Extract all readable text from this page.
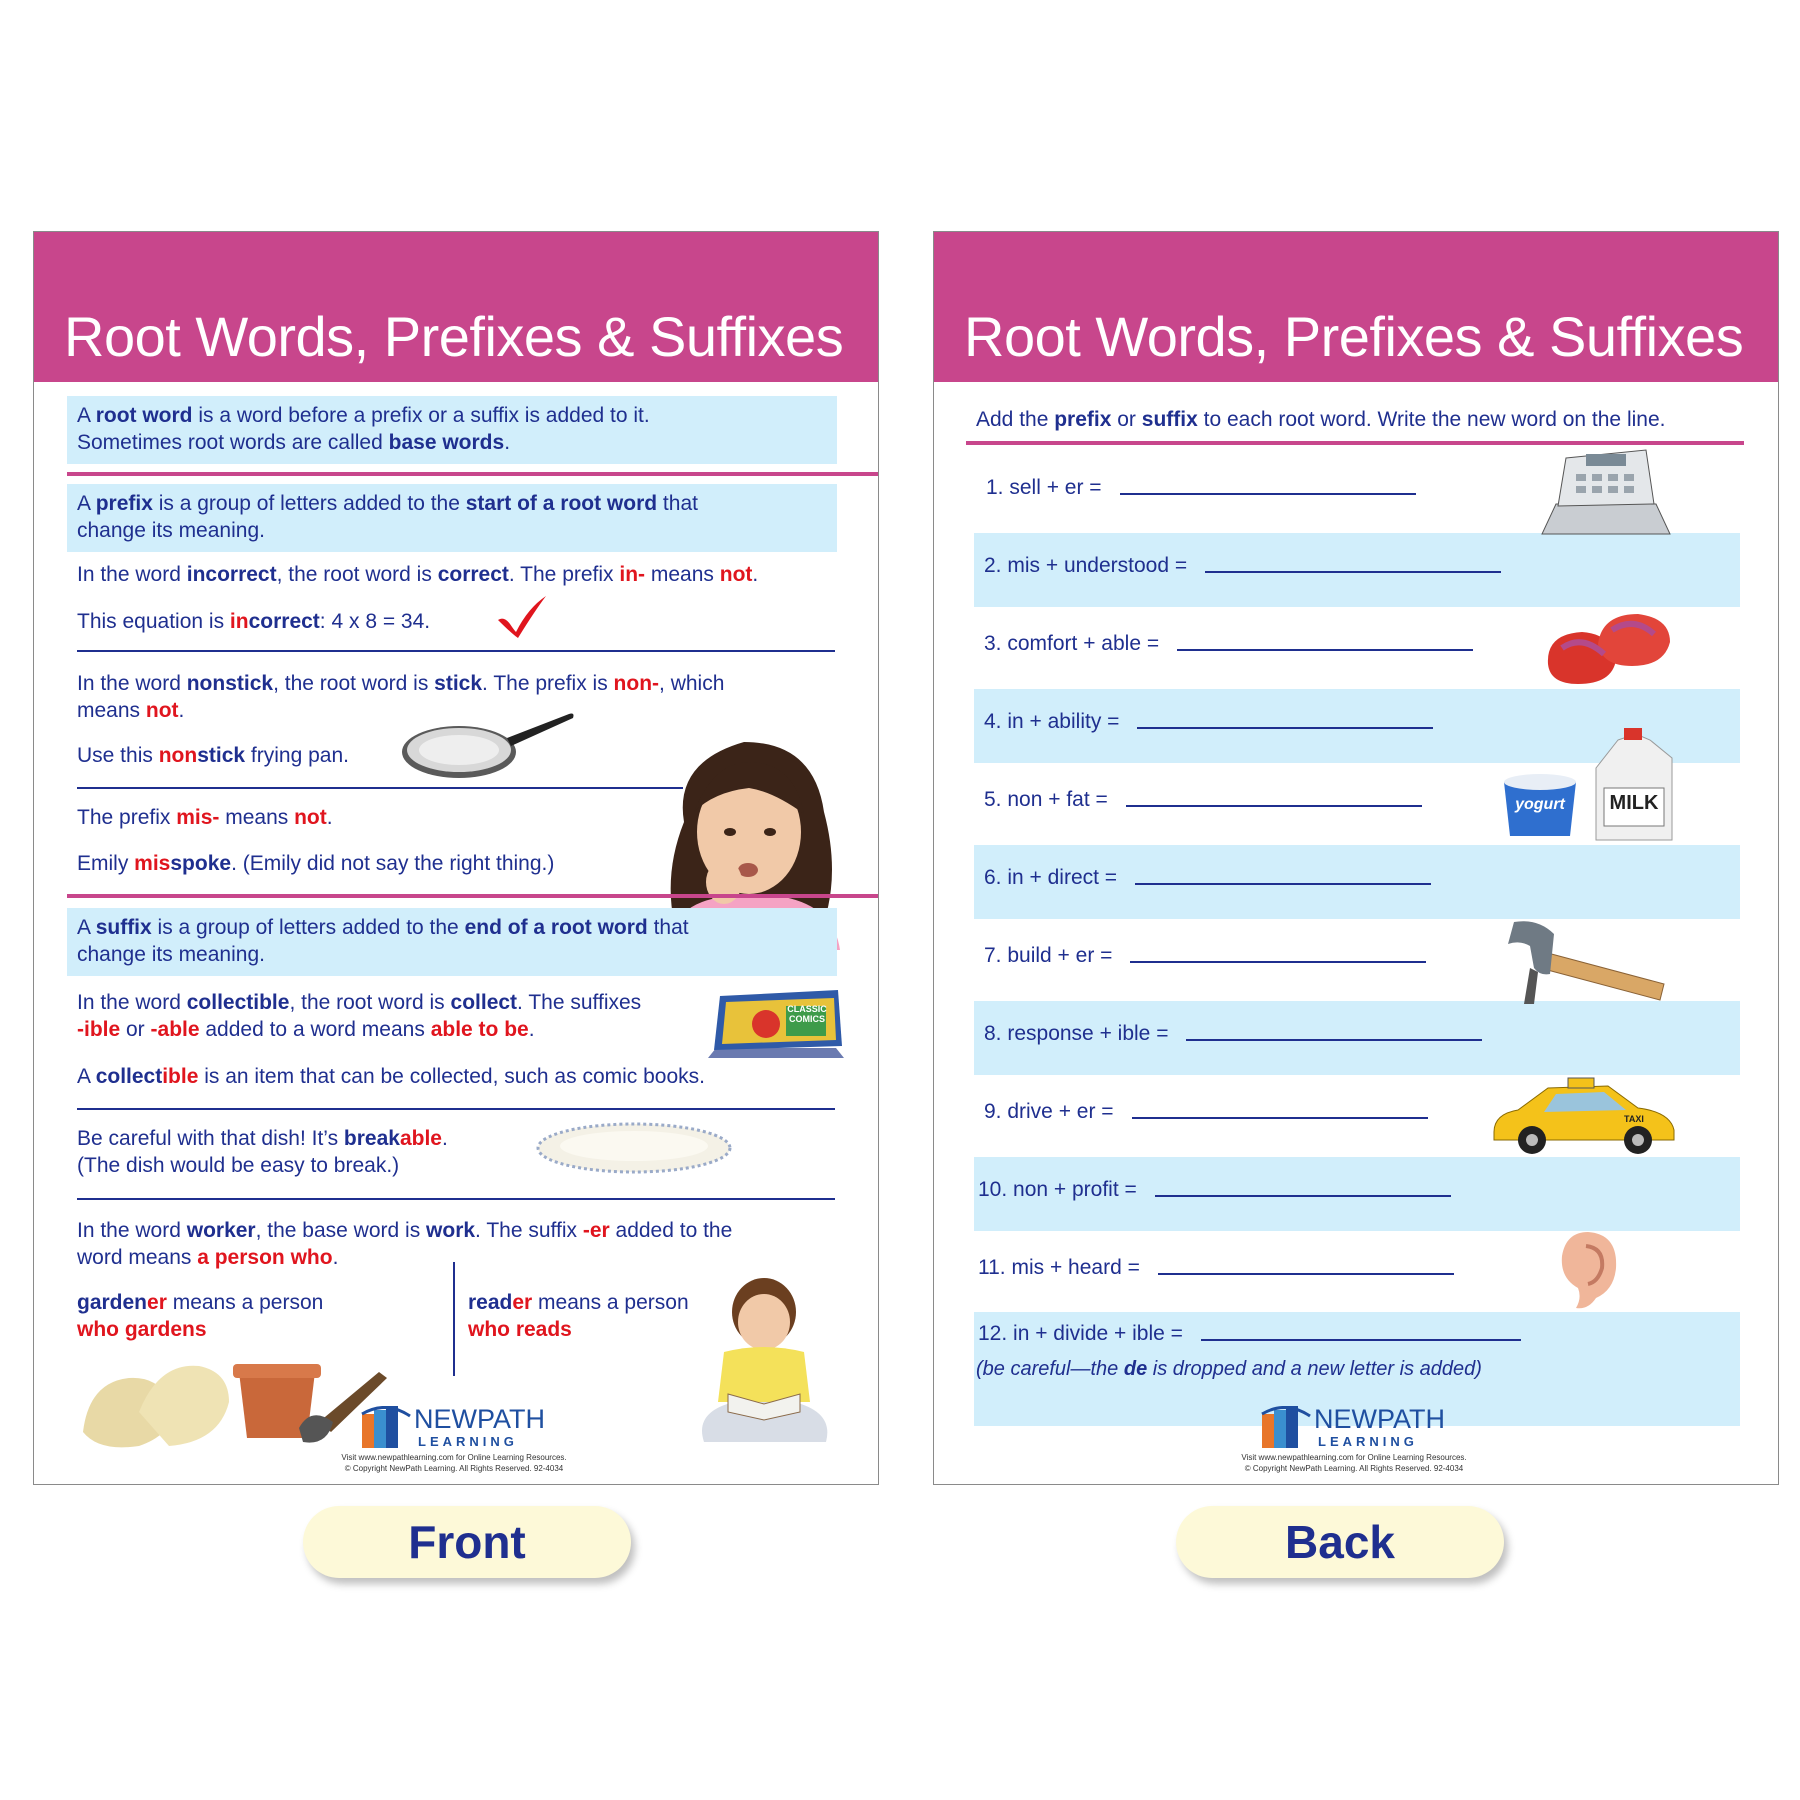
Root Words, Prefixes & Suffixes
A root word is a word before a prefix or a suffix is added to it.
Sometimes root words are called base words.
A prefix is a group of letters added to the start of a root word that
change its meaning.
In the word incorrect, the root word is correct. The prefix in- means not.
This equation is incorrect: 4 x 8 = 34.
In the word nonstick, the root word is stick. The prefix is non-, which
means not.
Use this nonstick frying pan.
The prefix mis- means not.
Emily misspoke. (Emily did not say the right thing.)
A suffix is a group of letters added to the end of a root word that
change its meaning.
In the word collectible, the root word is collect. The suffixes
-ible or -able added to a word means able to be.
A collectible is an item that can be collected, such as comic books.
CLASSIC COMICS
Be careful with that dish! It’s breakable.
(The dish would be easy to break.)
In the word worker, the base word is work. The suffix -er added to the
word means a person who.
gardener means a person
who gardens
reader means a person
who reads
NEWPATH
LEARNING
Visit www.newpathlearning.com for Online Learning Resources.
© Copyright NewPath Learning. All Rights Reserved. 92-4034
Root Words, Prefixes & Suffixes
Add the prefix or suffix to each root word. Write the new word on the line.
1. sell + er =
2. mis + understood =
3. comfort + able =
4. in + ability =
5. non + fat =
6. in + direct =
7. build + er =
8. response + ible =
9. drive + er =
10. non + profit =
11. mis + heard =
12. in + divide + ible =
(be careful—the de is dropped and a new letter is added)
yogurt	MILK
TAXI
NEWPATH
LEARNING
Visit www.newpathlearning.com for Online Learning Resources.
© Copyright NewPath Learning. All Rights Reserved. 92-4034
Front	Back
